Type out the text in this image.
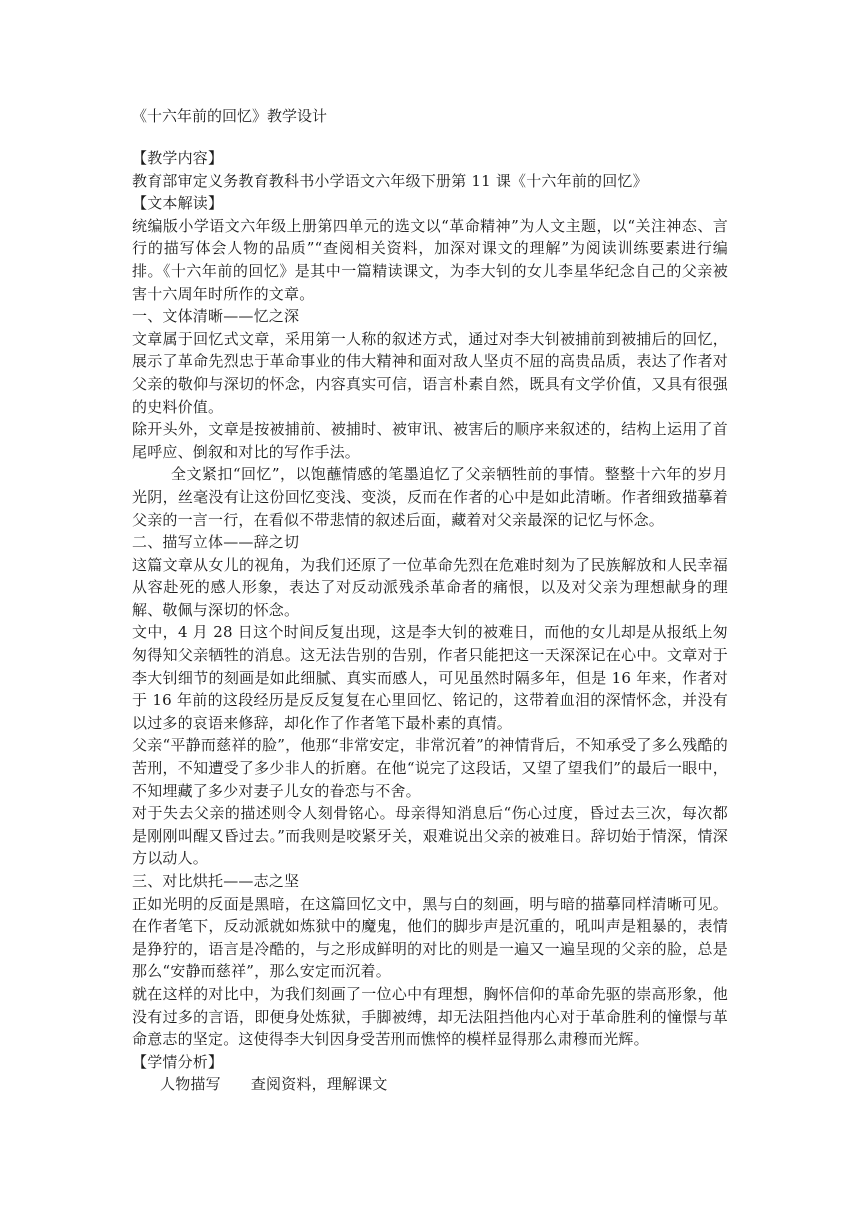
《十六年前的回忆》教学设计

【教学内容】

教育部审定义务教育教科书小学语文六年级下册第 11 课《十六年前的回忆》

【文本解读】

统编版小学语文六年级上册第四单元的选文以“革命精神”为人文主题，以“关注神态、言行的描写体会人物的品质”“查阅相关资料，加深对课文的理解”为阅读训练要素进行编排。《十六年前的回忆》是其中一篇精读课文，为李大钊的女儿李星华纪念自己的父亲被害十六周年时所作的文章。

一、文体清晰——忆之深

文章属于回忆式文章，采用第一人称的叙述方式，通过对李大钊被捕前到被捕后的回忆，展示了革命先烈忠于革命事业的伟大精神和面对敌人坚贞不屈的高贵品质，表达了作者对父亲的敬仰与深切的怀念，内容真实可信，语言朴素自然，既具有文学价值，又具有很强的史料价值。

除开头外，文章是按被捕前、被捕时、被审讯、被害后的顺序来叙述的，结构上运用了首尾呼应、倒叙和对比的写作手法。

全文紧扣“回忆”，以饱蘸情感的笔墨追忆了父亲牺牲前的事情。整整十六年的岁月光阴，丝毫没有让这份回忆变浅、变淡，反而在作者的心中是如此清晰。作者细致描摹着父亲的一言一行，在看似不带悲情的叙述后面，藏着对父亲最深的记忆与怀念。

二、描写立体——辞之切

这篇文章从女儿的视角，为我们还原了一位革命先烈在危难时刻为了民族解放和人民幸福从容赴死的感人形象，表达了对反动派残杀革命者的痛恨，以及对父亲为理想献身的理解、敬佩与深切的怀念。

文中，4 月 28 日这个时间反复出现，这是李大钊的被难日，而他的女儿却是从报纸上匆匆得知父亲牺牲的消息。这无法告别的告别，作者只能把这一天深深记在心中。文章对于李大钊细节的刻画是如此细腻、真实而感人，可见虽然时隔多年，但是 16 年来，作者对于 16 年前的这段经历是反反复复在心里回忆、铭记的，这带着血泪的深情怀念，并没有以过多的哀语来修辞，却化作了作者笔下最朴素的真情。

父亲“平静而慈祥的脸”，他那“非常安定，非常沉着”的神情背后，不知承受了多么残酷的苦刑，不知遭受了多少非人的折磨。在他“说完了这段话，又望了望我们”的最后一眼中，不知埋藏了多少对妻子儿女的眷恋与不舍。

对于失去父亲的描述则令人刻骨铭心。母亲得知消息后“伤心过度，昏过去三次，每次都是刚刚叫醒又昏过去。”而我则是咬紧牙关，艰难说出父亲的被难日。辞切始于情深，情深方以动人。

三、对比烘托——志之坚

正如光明的反面是黑暗，在这篇回忆文中，黑与白的刻画，明与暗的描摹同样清晰可见。在作者笔下，反动派就如炼狱中的魔鬼，他们的脚步声是沉重的，吼叫声是粗暴的，表情是狰狞的，语言是冷酷的，与之形成鲜明的对比的则是一遍又一遍呈现的父亲的脸，总是那么“安静而慈祥”，那么安定而沉着。

就在这样的对比中，为我们刻画了一位心中有理想，胸怀信仰的革命先驱的崇高形象，他没有过多的言语，即便身处炼狱，手脚被缚，却无法阻挡他内心对于革命胜利的憧憬与革命意志的坚定。这使得李大钊因身受苦刑而憔悴的模样显得那么肃穆而光辉。

【学情分析】

人物描写 查阅资料，理解课文
